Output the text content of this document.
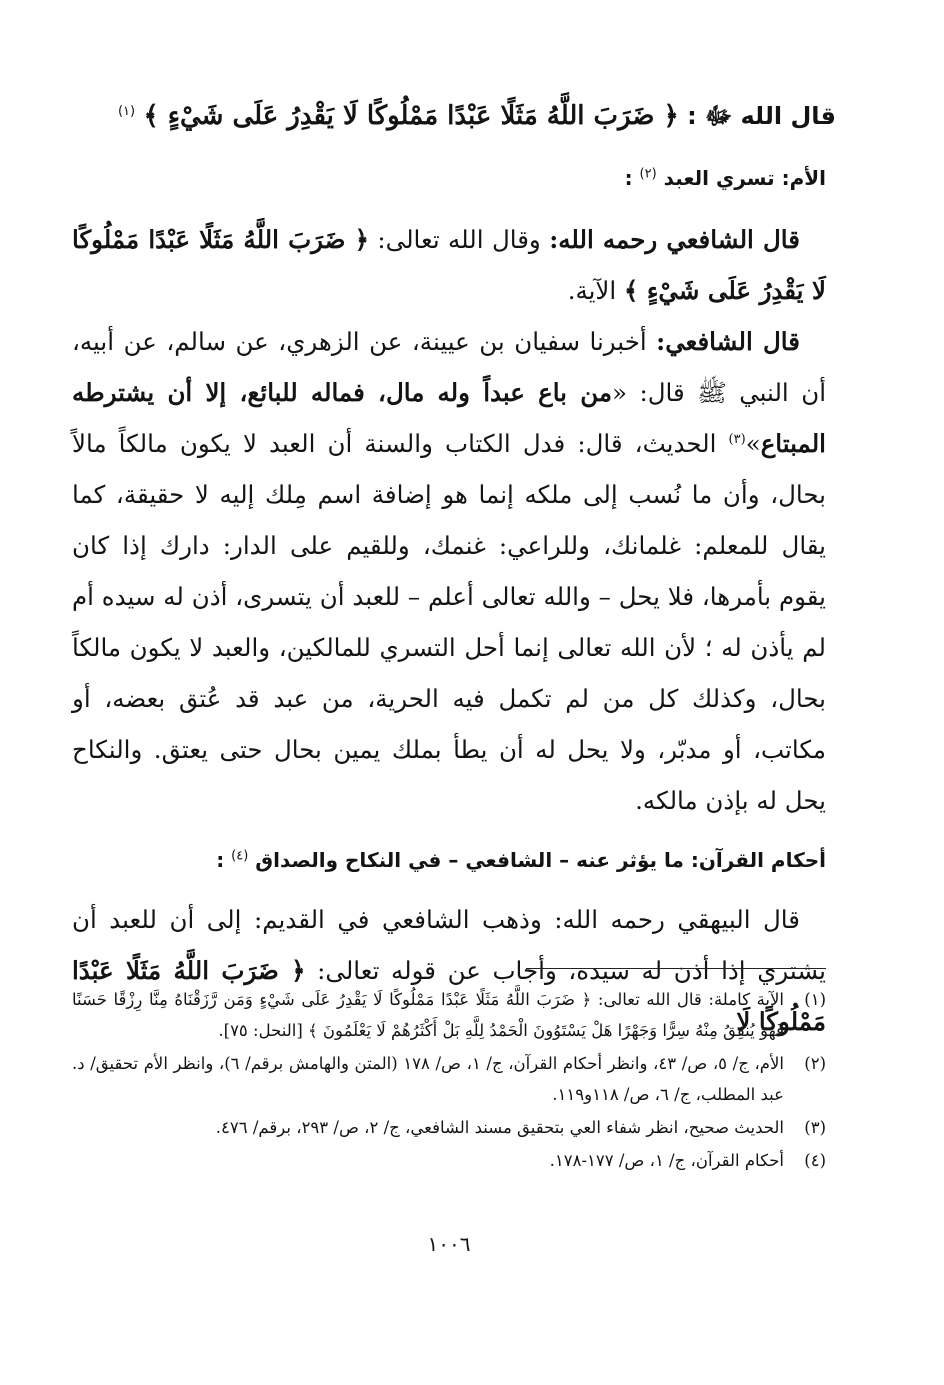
قال الله ﷻ : ﴿ ضَرَبَ اللَّهُ مَثَلًا عَبْدًا مَمْلُوكًا لَا يَقْدِرُ عَلَى شَيْءٍ ﴾ $^{(١)}$
الأم: تسري العبد $^{(٢)}$ :

قال الشافعي رحمه الله: وقال الله تعالى: ﴿ ضَرَبَ اللَّهُ مَثَلًا عَبْدًا مَمْلُوكًا لَا يَقْدِرُ عَلَى شَيْءٍ ﴾ الآية.

قال الشافعي: أخبرنا سفيان بن عيينة، عن الزهري، عن سالم، عن أبيه، أن النبي ﷺ قال: «من باع عبداً وله مال، فماله للبائع، إلا أن يشترطه المبتاع»$^{(٣)}$ الحديث، قال: فدل الكتاب والسنة أن العبد لا يكون مالكاً مالاً بحال، وأن ما نُسب إلى ملكه إنما هو إضافة اسم مِلك إليه لا حقيقة، كما يقال للمعلم: غلمانك، وللراعي: غنمك، وللقيم على الدار: دارك إذا كان يقوم بأمرها، فلا يحل – والله تعالى أعلم – للعبد أن يتسرى، أذن له سيده أم لم يأذن له ؛ لأن الله تعالى إنما أحل التسري للمالكين، والعبد لا يكون مالكاً بحال، وكذلك كل من لم تكمل فيه الحرية، من عبد قد عُتق بعضه، أو مكاتب، أو مدبّر، ولا يحل له أن يطأ بملك يمين بحال حتى يعتق. والنكاح يحل له بإذن مالكه.

أحكام القرآن: ما يؤثر عنه – الشافعي – في النكاح والصداق $^{(٤)}$ :

قال البيهقي رحمه الله: وذهب الشافعي في القديم: إلى أن للعبد أن يشتري إذا أذن له سيده، وأجاب عن قوله تعالى: ﴿ ضَرَبَ اللَّهُ مَثَلًا عَبْدًا مَمْلُوكًا لَا

(١)
الآية كاملة: قال الله تعالى: ﴿ ضَرَبَ اللَّهُ مَثَلًا عَبْدًا مَمْلُوكًا لَا يَقْدِرُ عَلَى شَيْءٍ وَمَن رَّزَقْنَاهُ مِنَّا رِزْقًا حَسَنًا فَهُوَ يُنفِقُ مِنْهُ سِرًّا وَجَهْرًا هَلْ يَسْتَوُونَ الْحَمْدُ لِلَّهِ بَلْ أَكْثَرُهُمْ لَا يَعْلَمُونَ ﴾ [النحل: ٧٥].
(٢)
الأم، ج/ ٥، ص/ ٤٣، وانظر أحكام القرآن، ج/ ١، ص/ ١٧٨ (المتن والهامش برقم/ ٦)، وانظر الأم تحقيق/ د. عبد المطلب، ج/ ٦، ص/ ١١٨و١١٩.
(٣)
الحديث صحيح، انظر شفاء العي بتحقيق مسند الشافعي، ج/ ٢، ص/ ٢٩٣، برقم/ ٤٧٦.
(٤)
أحكام القرآن، ج/ ١، ص/ ١٧٧-١٧٨.
١٠٠٦
